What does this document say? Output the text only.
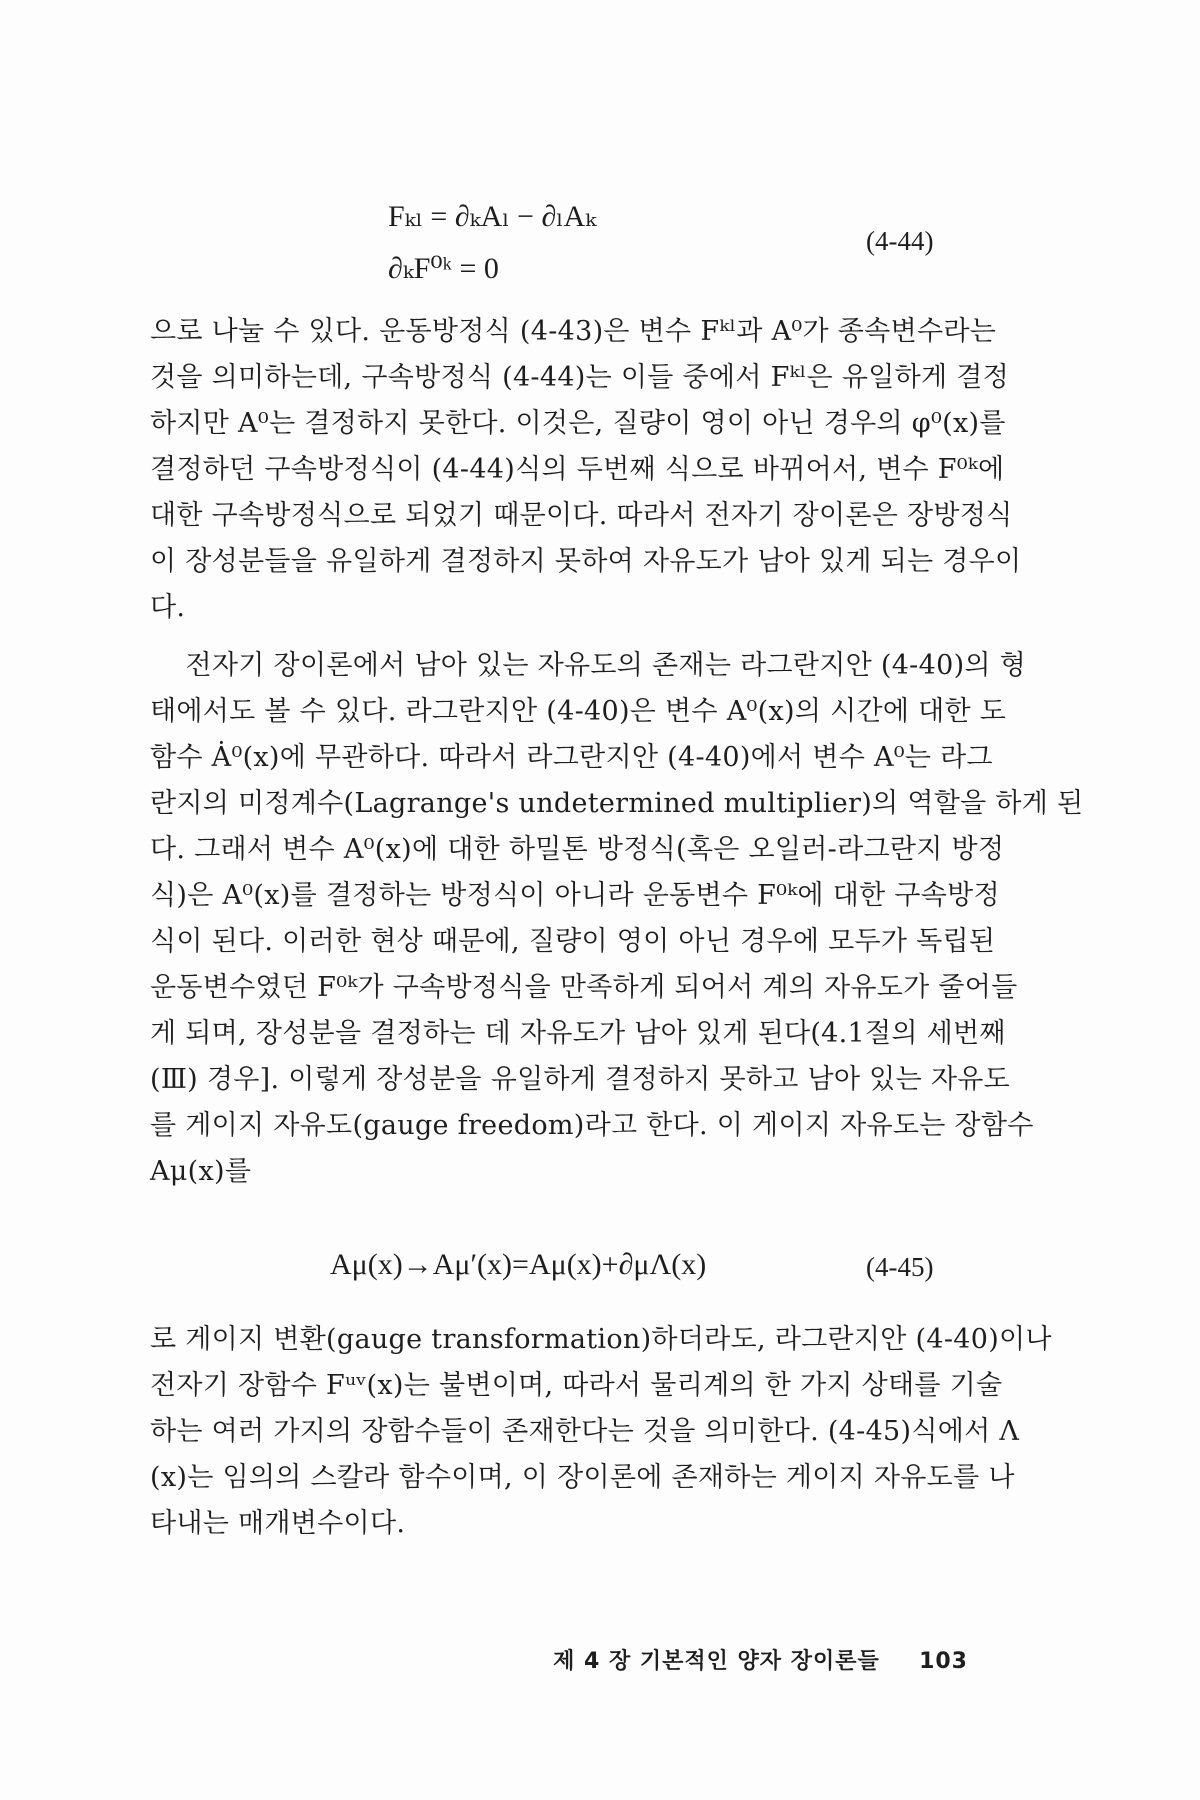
Fₖₗ = ∂ₖAₗ − ∂ₗAₖ
∂ₖF⁰ᵏ = 0
(4-44)
으로 나눌 수 있다. 운동방정식 (4-43)은 변수 Fᵏˡ과 A⁰가 종속변수라는
것을 의미하는데, 구속방정식 (4-44)는 이들 중에서 Fᵏˡ은 유일하게 결정
하지만 A⁰는 결정하지 못한다. 이것은, 질량이 영이 아닌 경우의 φ⁰(x)를
결정하던 구속방정식이 (4-44)식의 두번째 식으로 바뀌어서, 변수 F⁰ᵏ에
대한 구속방정식으로 되었기 때문이다. 따라서 전자기 장이론은 장방정식
이 장성분들을 유일하게 결정하지 못하여 자유도가 남아 있게 되는 경우이
다.
전자기 장이론에서 남아 있는 자유도의 존재는 라그란지안 (4-40)의 형
태에서도 볼 수 있다. 라그란지안 (4-40)은 변수 A⁰(x)의 시간에 대한 도
함수 Ȧ⁰(x)에 무관하다. 따라서 라그란지안 (4-40)에서 변수 A⁰는 라그
란지의 미정계수(Lagrange's undetermined multiplier)의 역할을 하게 된
다. 그래서 변수 A⁰(x)에 대한 하밀톤 방정식(혹은 오일러-라그란지 방정
식)은 A⁰(x)를 결정하는 방정식이 아니라 운동변수 F⁰ᵏ에 대한 구속방정
식이 된다. 이러한 현상 때문에, 질량이 영이 아닌 경우에 모두가 독립된
운동변수였던 F⁰ᵏ가 구속방정식을 만족하게 되어서 계의 자유도가 줄어들
게 되며, 장성분을 결정하는 데 자유도가 남아 있게 된다(4.1절의 세번째
(Ⅲ) 경우]. 이렇게 장성분을 유일하게 결정하지 못하고 남아 있는 자유도
를 게이지 자유도(gauge freedom)라고 한다. 이 게이지 자유도는 장함수
Aμ(x)를
Aμ(x)→Aμ′(x)=Aμ(x)+∂μΛ(x)	(4-45)
로 게이지 변환(gauge transformation)하더라도, 라그란지안 (4-40)이나
전자기 장함수 Fᵘᵛ(x)는 불변이며, 따라서 물리계의 한 가지 상태를 기술
하는 여러 가지의 장함수들이 존재한다는 것을 의미한다. (4-45)식에서 Λ
(x)는 임의의 스칼라 함수이며, 이 장이론에 존재하는 게이지 자유도를 나
타내는 매개변수이다.
제 4 장 기본적인 양자 장이론들 103
